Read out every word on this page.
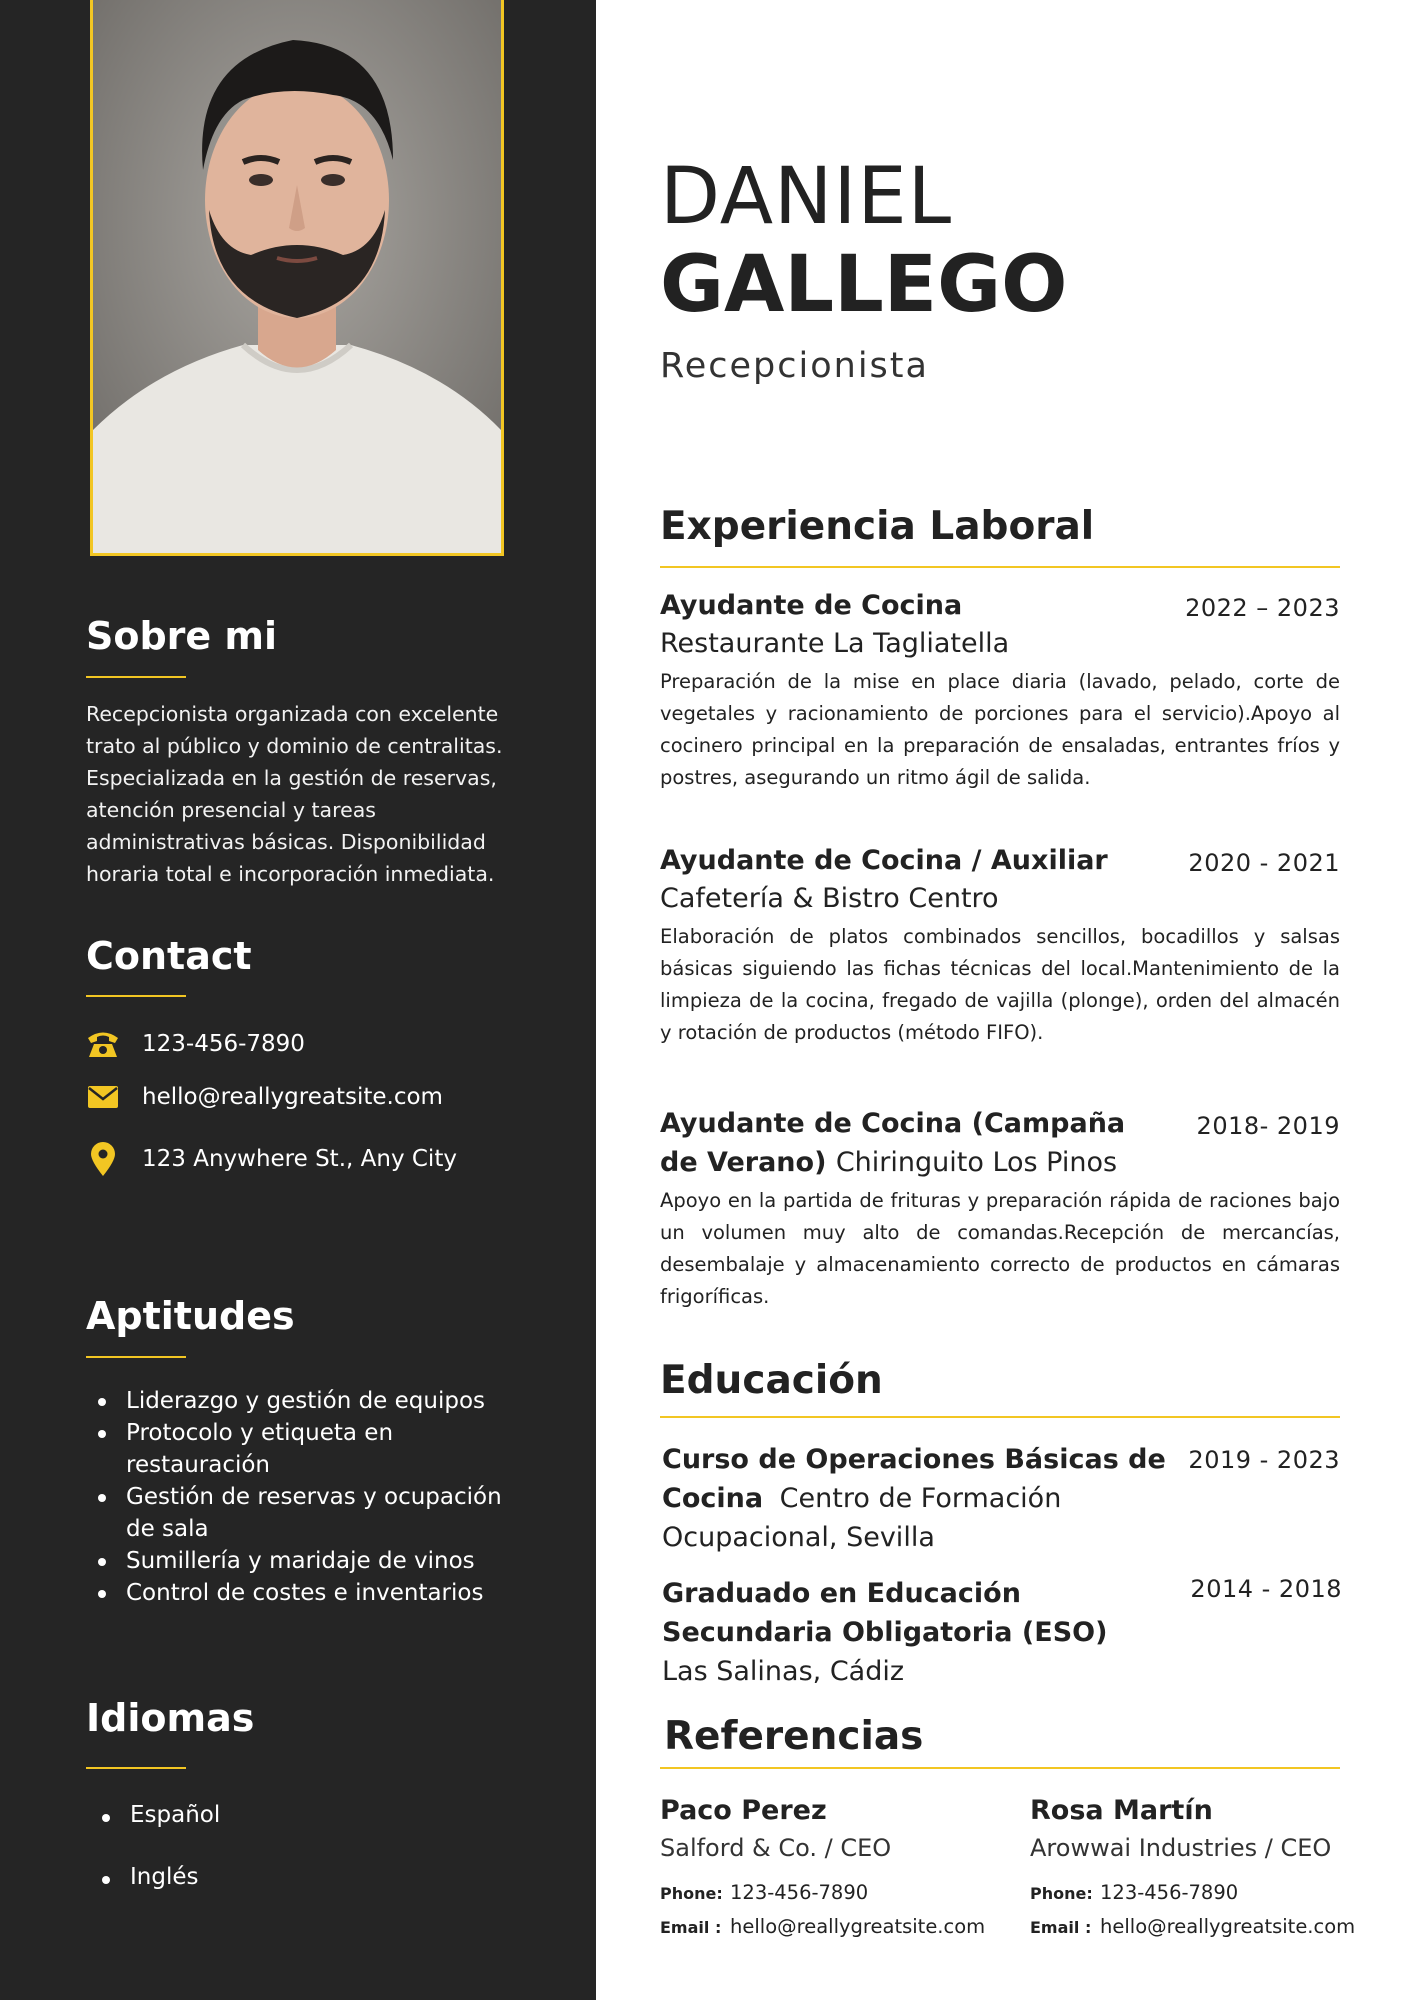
Sobre mi
Recepcionista organizada con excelente trato al público y dominio de centralitas. Especializada en la gestión de reservas, atención presencial y tareas administrativas básicas. Disponibilidad horaria total e incorporación inmediata.
Contact
123-456-7890
hello@reallygreatsite.com
123 Anywhere St., Any City
Aptitudes
Liderazgo y gestión de equipos
Protocolo y etiqueta en restauración
Gestión de reservas y ocupación de sala
Sumillería y maridaje de vinos
Control de costes e inventarios
Idiomas
Español
Inglés
DANIEL
GALLEGO
Recepcionista
Experiencia Laboral
Ayudante de Cocina	2022 – 2023
Restaurante La Tagliatella

Preparación de la mise en place diaria (lavado, pelado, corte de vegetales y racionamiento de porciones para el servicio).Apoyo al cocinero principal en la preparación de ensaladas, entrantes fríos y postres, asegurando un ritmo ágil de salida.

Ayudante de Cocina / Auxiliar	2020 - 2021
Cafetería & Bistro Centro

Elaboración de platos combinados sencillos, bocadillos y salsas básicas siguiendo las fichas técnicas del local.Mantenimiento de la limpieza de la cocina, fregado de vajilla (plonge), orden del almacén y rotación de productos (método FIFO).

Ayudante de Cocina (Campaña	2018- 2019
de Verano) Chiringuito Los Pinos

Apoyo en la partida de frituras y preparación rápida de raciones bajo un volumen muy alto de comandas.Recepción de mercancías, desembalaje y almacenamiento correcto de productos en cámaras frigoríficas.

Educación
Curso de Operaciones Básicas de
Cocina Centro de Formación
Ocupacional, Sevilla
2019 - 2023
Graduado en Educación
Secundaria Obligatoria (ESO)
Las Salinas, Cádiz
2014 - 2018
Referencias
Paco Perez
Salford & Co. / CEO
Phone: 123-456-7890
Email : hello@reallygreatsite.com
Rosa Martín
Arowwai Industries / CEO
Phone: 123-456-7890
Email : hello@reallygreatsite.com
